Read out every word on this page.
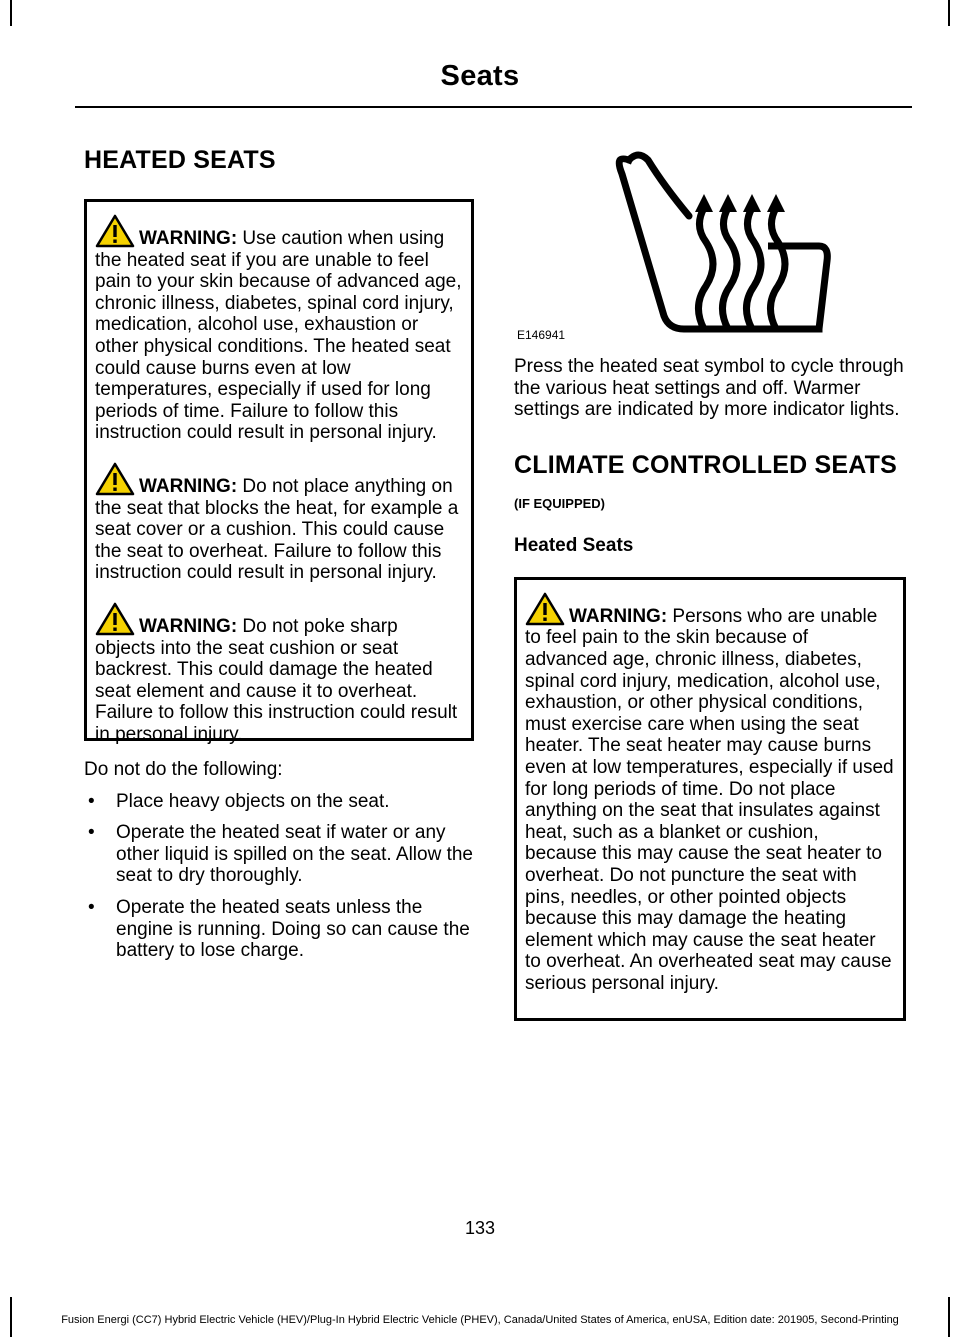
Seats
HEATED SEATS

WARNING: Use caution when using the heated seat if you are unable to feel pain to your skin because of advanced age, chronic illness, diabetes, spinal cord injury, medication, alcohol use, exhaustion or other physical conditions. The heated seat could cause burns even at low temperatures, especially if used for long periods of time. Failure to follow this instruction could result in personal injury.

WARNING: Do not place anything on the seat that blocks the heat, for example a seat cover or a cushion. This could cause the seat to overheat. Failure to follow this instruction could result in personal injury.

WARNING: Do not poke sharp objects into the seat cushion or seat backrest. This could damage the heated seat element and cause it to overheat. Failure to follow this instruction could result in personal injury.

Do not do the following:

• Place heavy objects on the seat.
• Operate the heated seat if water or any other liquid is spilled on the seat. Allow the seat to dry thoroughly.
• Operate the heated seats unless the engine is running. Doing so can cause the battery to lose charge.
E146941

Press the heated seat symbol to cycle through the various heat settings and off. Warmer settings are indicated by more indicator lights.

CLIMATE CONTROLLED SEATS

(IF EQUIPPED)

Heated Seats

WARNING: Persons who are unable to feel pain to the skin because of advanced age, chronic illness, diabetes, spinal cord injury, medication, alcohol use, exhaustion, or other physical conditions, must exercise care when using the seat heater. The seat heater may cause burns even at low temperatures, especially if used for long periods of time. Do not place anything on the seat that insulates against heat, such as a blanket or cushion, because this may cause the seat heater to overheat. Do not puncture the seat with pins, needles, or other pointed objects because this may damage the heating element which may cause the seat heater to overheat. An overheated seat may cause serious personal injury.

133
Fusion Energi (CC7) Hybrid Electric Vehicle (HEV)/Plug-In Hybrid Electric Vehicle (PHEV), Canada/United States of America, enUSA, Edition date: 201905, Second-Printing
